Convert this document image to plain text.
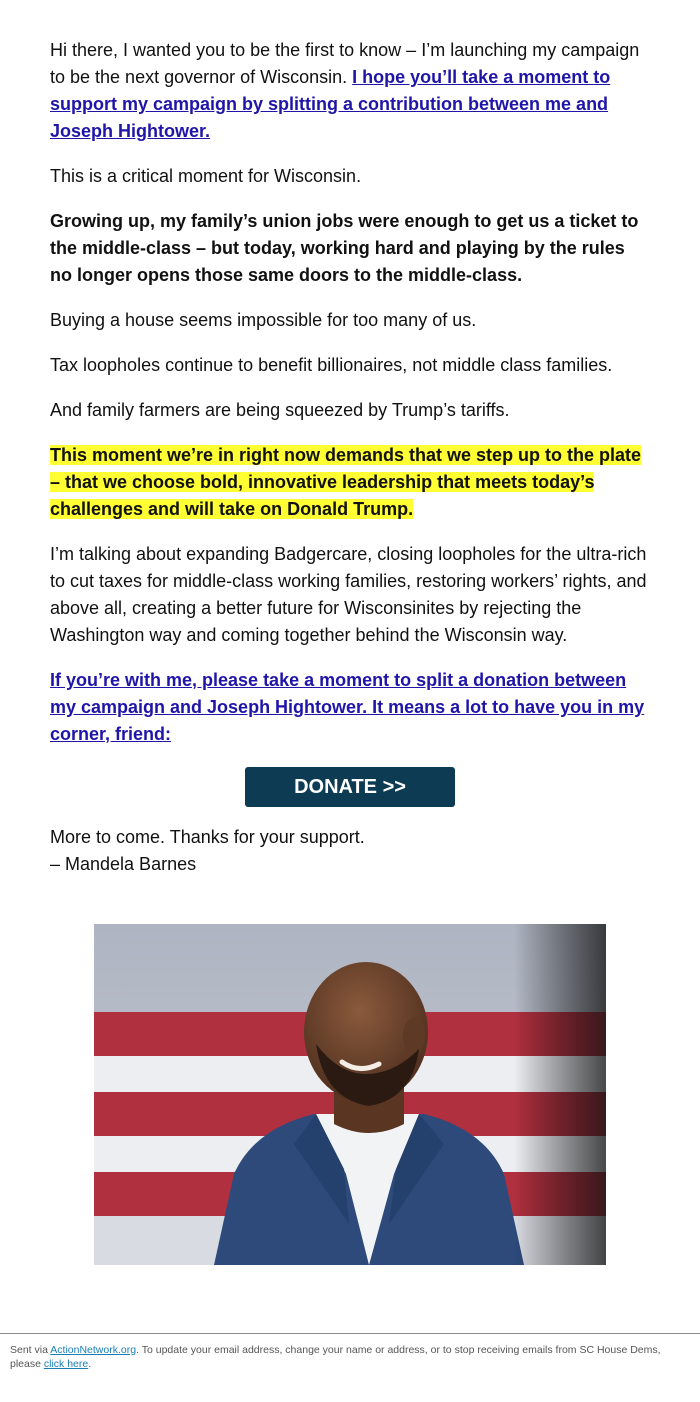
Hi there, I wanted you to be the first to know – I’m launching my campaign to be the next governor of Wisconsin. I hope you’ll take a moment to support my campaign by splitting a contribution between me and Joseph Hightower.

This is a critical moment for Wisconsin.

Growing up, my family’s union jobs were enough to get us a ticket to the middle-class – but today, working hard and playing by the rules no longer opens those same doors to the middle-class.

Buying a house seems impossible for too many of us.

Tax loopholes continue to benefit billionaires, not middle class families.

And family farmers are being squeezed by Trump’s tariffs.

This moment we’re in right now demands that we step up to the plate – that we choose bold, innovative leadership that meets today’s challenges and will take on Donald Trump.

I’m talking about expanding Badgercare, closing loopholes for the ultra-rich to cut taxes for middle-class working families, restoring workers’ rights, and above all, creating a better future for Wisconsinites by rejecting the Washington way and coming together behind the Wisconsin way.

If you’re with me, please take a moment to split a donation between my campaign and Joseph Hightower. It means a lot to have you in my corner, friend:

DONATE >>
More to come. Thanks for your support.
– Mandela Barnes
Sent via ActionNetwork.org. To update your email address, change your name or address, or to stop receiving emails from SC House Dems, please click here.
